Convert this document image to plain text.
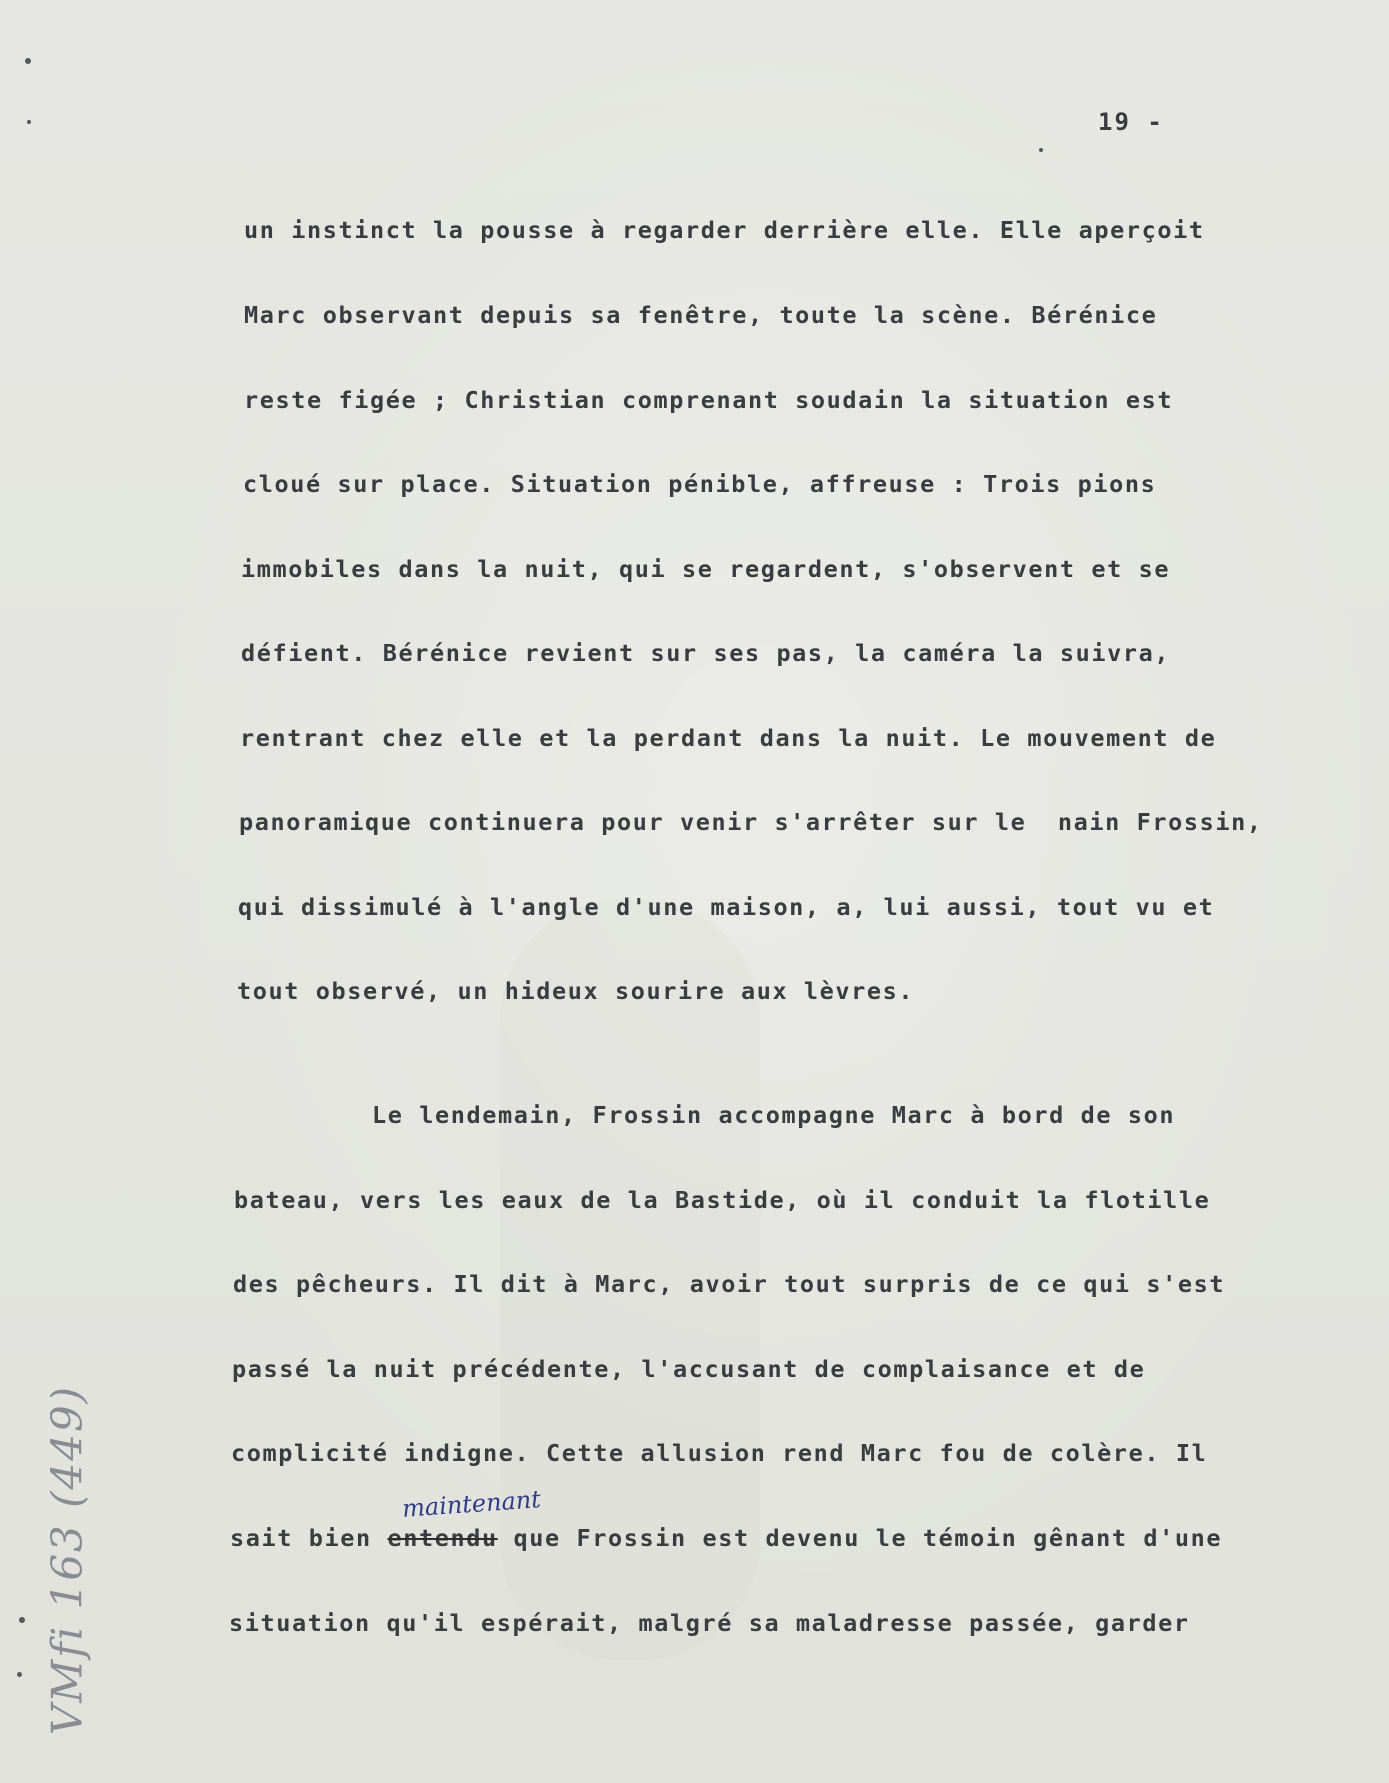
19 -
un instinct la pousse à regarder derrière elle. Elle aperçoit
Marc observant depuis sa fenêtre, toute la scène. Bérénice
reste figée ; Christian comprenant soudain la situation est
cloué sur place. Situation pénible, affreuse : Trois pions
immobiles dans la nuit, qui se regardent, s'observent et se
défient. Bérénice revient sur ses pas, la caméra la suivra,
rentrant chez elle et la perdant dans la nuit. Le mouvement de
panoramique continuera pour venir s'arrêter sur le  nain Frossin,
qui dissimulé à l'angle d'une maison, a, lui aussi, tout vu et
tout observé, un hideux sourire aux lèvres.
Le lendemain, Frossin accompagne Marc à bord de son
bateau, vers les eaux de la Bastide, où il conduit la flotille
des pêcheurs. Il dit à Marc, avoir tout surpris de ce qui s'est
passé la nuit précédente, l'accusant de complaisance et de
complicité indigne. Cette allusion rend Marc fou de colère. Il
maintenant
sait bien entendu que Frossin est devenu le témoin gênant d'une
situation qu'il espérait, malgré sa maladresse passée, garder
VMfi 163 (449)
